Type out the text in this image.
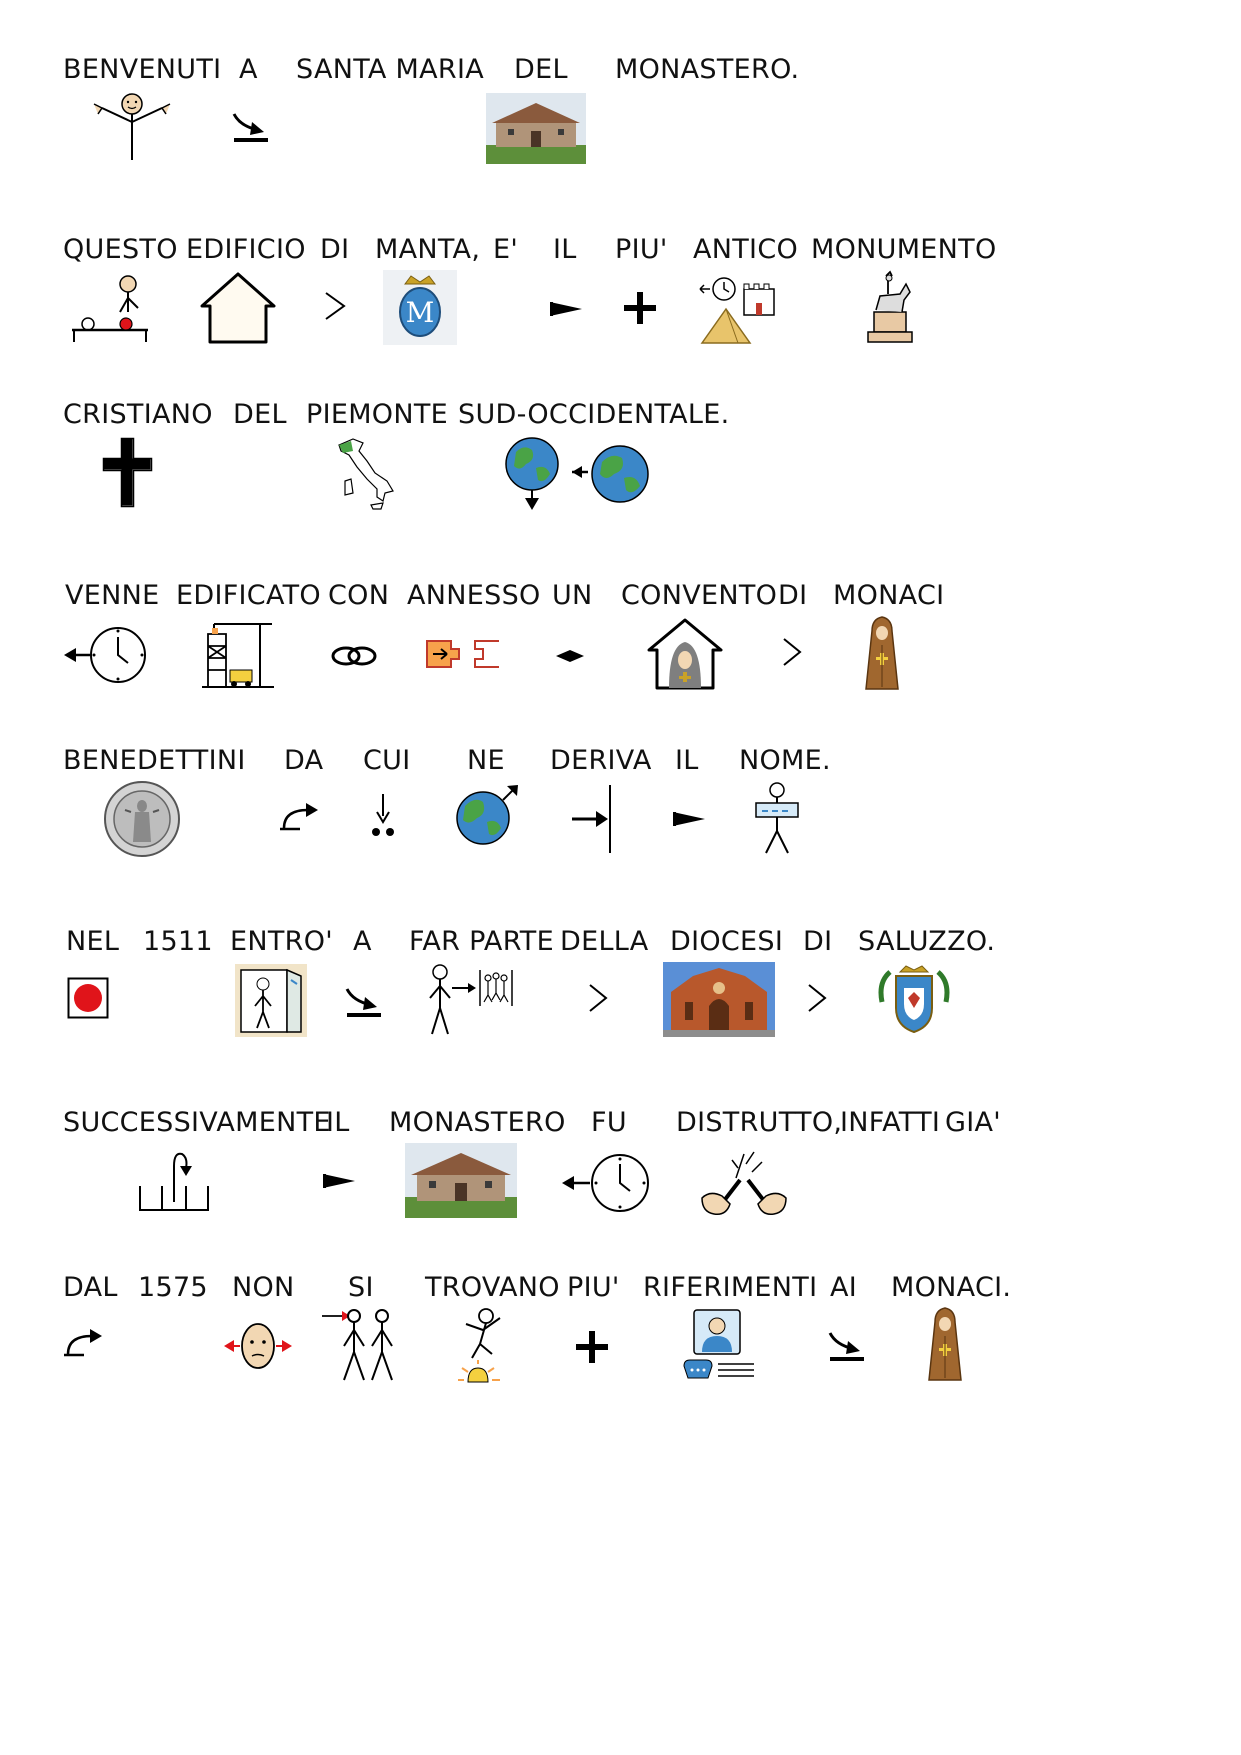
BENVENUTI A SANTA MARIA DEL MONASTERO.
QUESTO EDIFICIO DI MANTA, E' IL PIU' ANTICO MONUMENTO
M
CRISTIANO DEL PIEMONTE SUD-OCCIDENTALE.
VENNE EDIFICATO CON ANNESSO UN CONVENTO DI MONACI
BENEDETTINI DA CUI NE DERIVA IL NOME.
NEL 1511 ENTRO' A FAR PARTE DELLA DIOCESI DI SALUZZO.
SUCCESSIVAMENTE
IL MONASTERO FU DISTRUTTO,
INFATTI GIA'
DAL 1575 NON SI TROVANO PIU' RIFERIMENTI AI MONACI.
